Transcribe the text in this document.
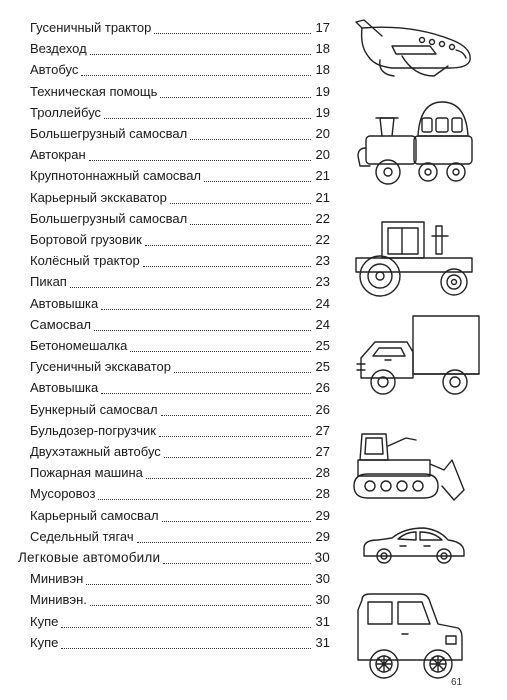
Гусеничный трактор	17
Вездеход	18
Автобус	18
Техническая помощь	19
Троллейбус	19
Большегрузный самосвал	20
Автокран	20
Крупнотоннажный самосвал	21
Карьерный экскаватор	21
Большегрузный самосвал	22
Бортовой грузовик	22
Колёсный трактор	23
Пикап	23
Автовышка	24
Самосвал	24
Бетономешалка	25
Гусеничный экскаватор	25
Автовышка	26
Бункерный самосвал	26
Бульдозер-погрузчик	27
Двухэтажный автобус	27
Пожарная машина	28
Мусоровоз	28
Карьерный самосвал	29
Седельный тягач	29
Легковые автомобили	30
Минивэн	30
Минивэн.	30
Купе	31
Купе	31
61
